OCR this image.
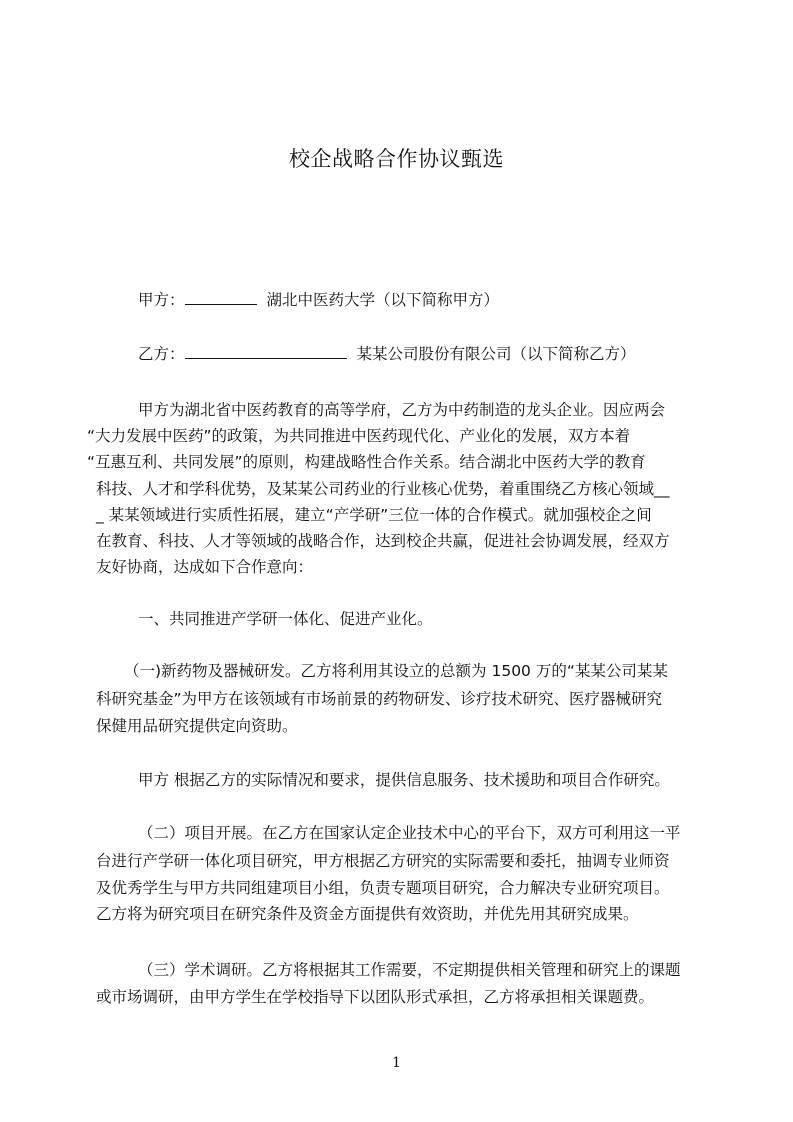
校企战略合作协议甄选
甲方：	湖北中医药大学（以下简称甲方）
乙方：	某某公司股份有限公司（以下简称乙方）
甲方为湖北省中医药教育的高等学府，乙方为中药制造的龙头企业。因应两会
“大力发展中医药”的政策，为共同推进中医药现代化、产业化的发展，双方本着
“互惠互利、共同发展”的原则，构建战略性合作关系。结合湖北中医药大学的教育
科技、人才和学科优势，及某某公司药业的行业核心优势，着重围绕乙方核心领域__
_ 某某领域进行实质性拓展，建立“产学研”三位一体的合作模式。就加强校企之间
在教育、科技、人才等领域的战略合作，达到校企共赢，促进社会协调发展，经双方
友好协商，达成如下合作意向：
一、共同推进产学研一体化、促进产业化。
（一)新药物及器械研发。乙方将利用其设立的总额为 1500 万的“某某公司某某
科研究基金”为甲方在该领域有市场前景的药物研发、诊疗技术研究、医疗器械研究
保健用品研究提供定向资助。
甲方 根据乙方的实际情况和要求，提供信息服务、技术援助和项目合作研究。
（二）项目开展。在乙方在国家认定企业技术中心的平台下，双方可利用这一平
台进行产学研一体化项目研究，甲方根据乙方研究的实际需要和委托，抽调专业师资
及优秀学生与甲方共同组建项目小组，负责专题项目研究，合力解决专业研究项目。
乙方将为研究项目在研究条件及资金方面提供有效资助，并优先用其研究成果。
（三）学术调研。乙方将根据其工作需要，不定期提供相关管理和研究上的课题
或市场调研，由甲方学生在学校指导下以团队形式承担，乙方将承担相关课题费。
1
